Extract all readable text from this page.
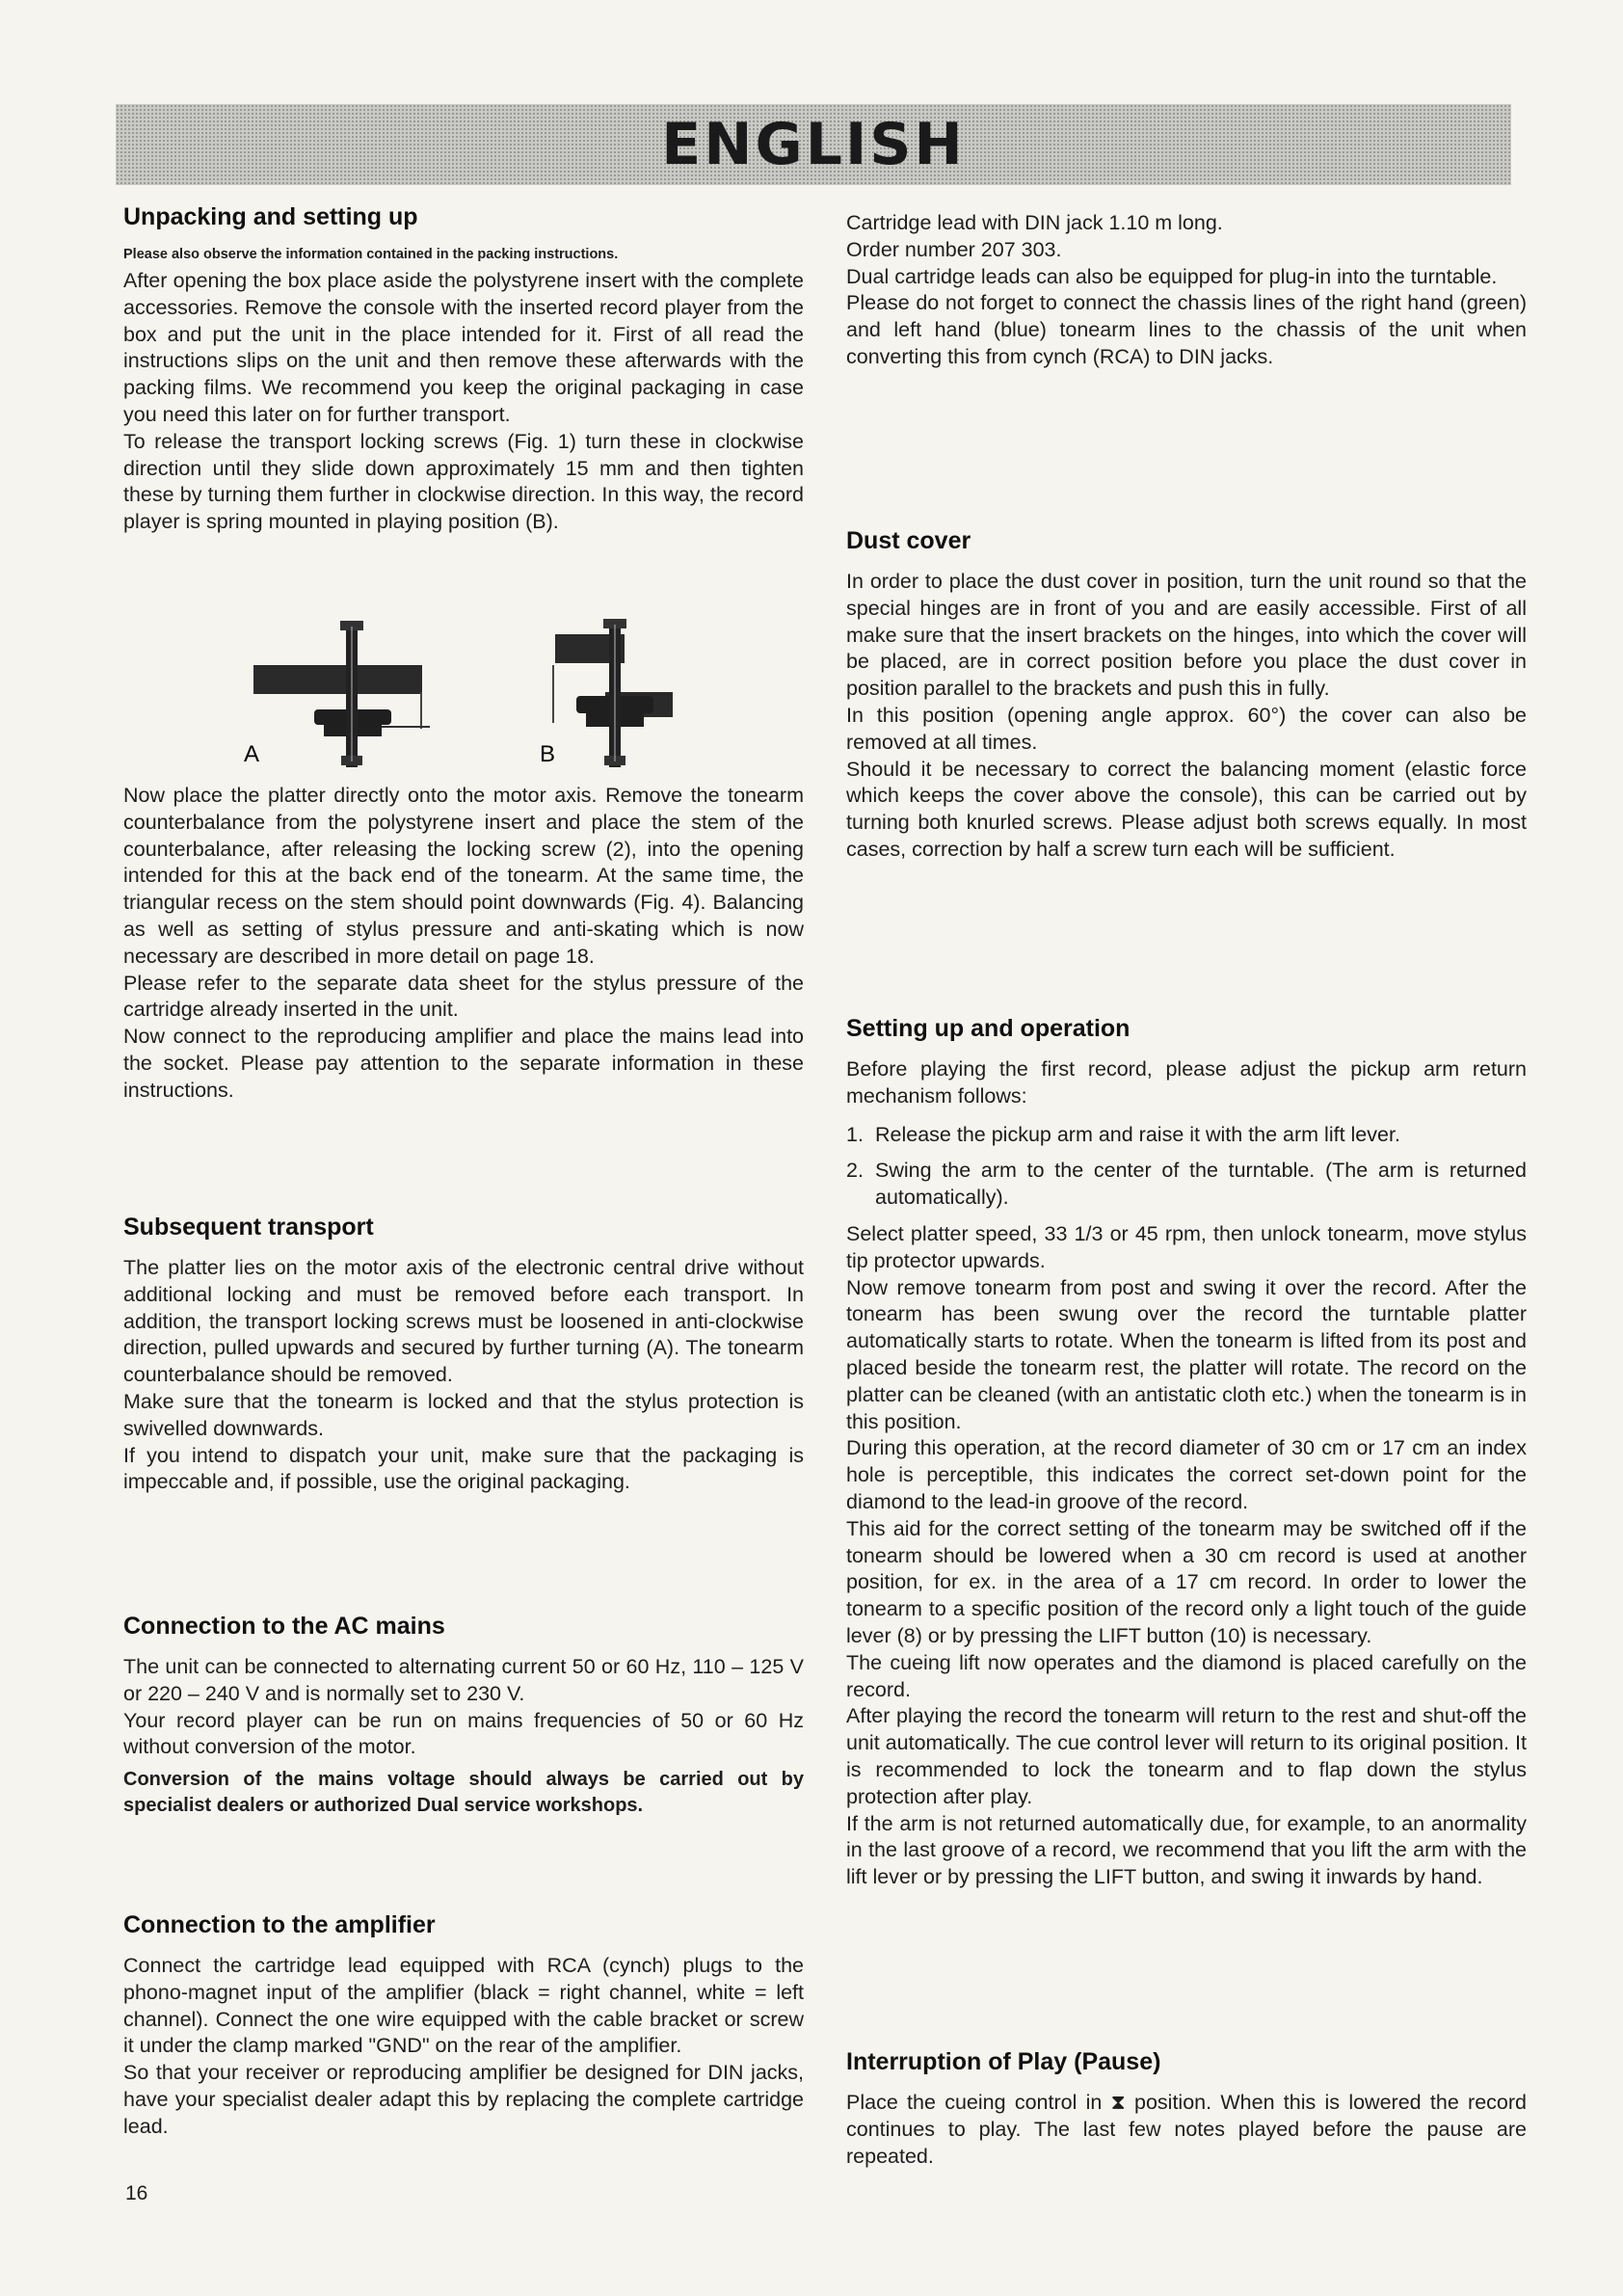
ENGLISH
Unpacking and setting up

Please also observe the information contained in the packing instructions.

After opening the box place aside the polystyrene insert with the complete accessories. Remove the console with the inserted record player from the box and put the unit in the place intended for it. First of all read the instructions slips on the unit and then remove these afterwards with the packing films. We recommend you keep the original packaging in case you need this later on for further transport.

To release the transport locking screws (Fig. 1) turn these in clockwise direction until they slide down approximately 15 mm and then tighten these by turning them further in clockwise direction. In this way, the record player is spring mounted in playing position (B).

A	B

Now place the platter directly onto the motor axis. Remove the tonearm counterbalance from the polystyrene insert and place the stem of the counterbalance, after releasing the locking screw (2), into the opening intended for this at the back end of the tonearm. At the same time, the triangular recess on the stem should point downwards (Fig. 4). Balancing as well as setting of stylus pressure and anti-skating which is now necessary are described in more detail on page 18.

Please refer to the separate data sheet for the stylus pressure of the cartridge already inserted in the unit.

Now connect to the reproducing amplifier and place the mains lead into the socket. Please pay attention to the separate information in these instructions.

Subsequent transport

The platter lies on the motor axis of the electronic central drive without additional locking and must be removed before each transport. In addition, the transport locking screws must be loosened in anti-clockwise direction, pulled upwards and secured by further turning (A). The tonearm counterbalance should be removed.

Make sure that the tonearm is locked and that the stylus protection is swivelled downwards.

If you intend to dispatch your unit, make sure that the packaging is impeccable and, if possible, use the original packaging.

Connection to the AC mains

The unit can be connected to alternating current 50 or 60 Hz, 110 – 125 V or 220 – 240 V and is normally set to 230 V.

Your record player can be run on mains frequencies of 50 or 60 Hz without conversion of the motor.

Conversion of the mains voltage should always be carried out by specialist dealers or authorized Dual service workshops.

Connection to the amplifier

Connect the cartridge lead equipped with RCA (cynch) plugs to the phono-magnet input of the amplifier (black = right channel, white = left channel). Connect the one wire equipped with the cable bracket or screw it under the clamp marked "GND" on the rear of the amplifier.

So that your receiver or reproducing amplifier be designed for DIN jacks, have your specialist dealer adapt this by replacing the complete cartridge lead.

Cartridge lead with DIN jack 1.10 m long.

Order number 207 303.

Dual cartridge leads can also be equipped for plug-in into the turntable.

Please do not forget to connect the chassis lines of the right hand (green) and left hand (blue) tonearm lines to the chassis of the unit when converting this from cynch (RCA) to DIN jacks.

Dust cover

In order to place the dust cover in position, turn the unit round so that the special hinges are in front of you and are easily accessible. First of all make sure that the insert brackets on the hinges, into which the cover will be placed, are in correct position before you place the dust cover in position parallel to the brackets and push this in fully.

In this position (opening angle approx. 60°) the cover can also be removed at all times.

Should it be necessary to correct the balancing moment (elastic force which keeps the cover above the console), this can be carried out by turning both knurled screws. Please adjust both screws equally. In most cases, correction by half a screw turn each will be sufficient.

Setting up and operation

Before playing the first record, please adjust the pickup arm return mechanism follows:

1. Release the pickup arm and raise it with the arm lift lever.
2. Swing the arm to the center of the turntable. (The arm is returned automatically).

Select platter speed, 33 1/3 or 45 rpm, then unlock tonearm, move stylus tip protector upwards.

Now remove tonearm from post and swing it over the record. After the tonearm has been swung over the record the turntable platter automatically starts to rotate. When the tonearm is lifted from its post and placed beside the tonearm rest, the platter will rotate. The record on the platter can be cleaned (with an antistatic cloth etc.) when the tonearm is in this position.

During this operation, at the record diameter of 30 cm or 17 cm an index hole is perceptible, this indicates the correct set-down point for the diamond to the lead-in groove of the record.

This aid for the correct setting of the tonearm may be switched off if the tonearm should be lowered when a 30 cm record is used at another position, for ex. in the area of a 17 cm record. In order to lower the tonearm to a specific position of the record only a light touch of the guide lever (8) or by pressing the LIFT button (10) is necessary.

The cueing lift now operates and the diamond is placed carefully on the record.

After playing the record the tonearm will return to the rest and shut-off the unit automatically. The cue control lever will return to its original position. It is recommended to lock the tonearm and to flap down the stylus protection after play.

If the arm is not returned automatically due, for example, to an anormality in the last groove of a record, we recommend that you lift the arm with the lift lever or by pressing the LIFT button, and swing it inwards by hand.

Interruption of Play (Pause)

Place the cueing control in ⧗ position. When this is lowered the record continues to play. The last few notes played before the pause are repeated.

16
